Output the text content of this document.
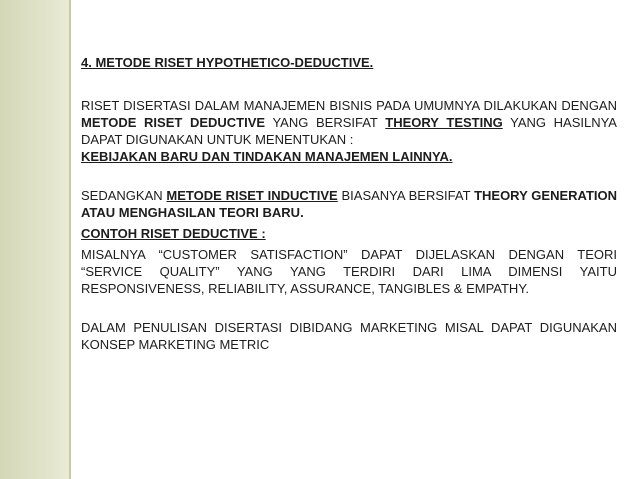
4. METODE RISET HYPOTHETICO-DEDUCTIVE.

RISET DISERTASI DALAM MANAJEMEN BISNIS PADA UMUMNYA DILAKUKAN DENGAN METODE RISET DEDUCTIVE YANG BERSIFAT THEORY TESTING YANG HASILNYA DAPAT DIGUNAKAN UNTUK MENENTUKAN :

KEBIJAKAN BARU DAN TINDAKAN MANAJEMEN LAINNYA.

SEDANGKAN METODE RISET INDUCTIVE BIASANYA BERSIFAT THEORY GENERATION ATAU MENGHASILAN TEORI BARU.

CONTOH RISET DEDUCTIVE :

MISALNYA “CUSTOMER SATISFACTION” DAPAT DIJELASKAN DENGAN TEORI “SERVICE QUALITY” YANG YANG TERDIRI DARI LIMA DIMENSI YAITU RESPONSIVENESS, RELIABILITY, ASSURANCE, TANGIBLES & EMPATHY.

DALAM PENULISAN DISERTASI DIBIDANG MARKETING MISAL DAPAT DIGUNAKAN KONSEP MARKETING METRIC
